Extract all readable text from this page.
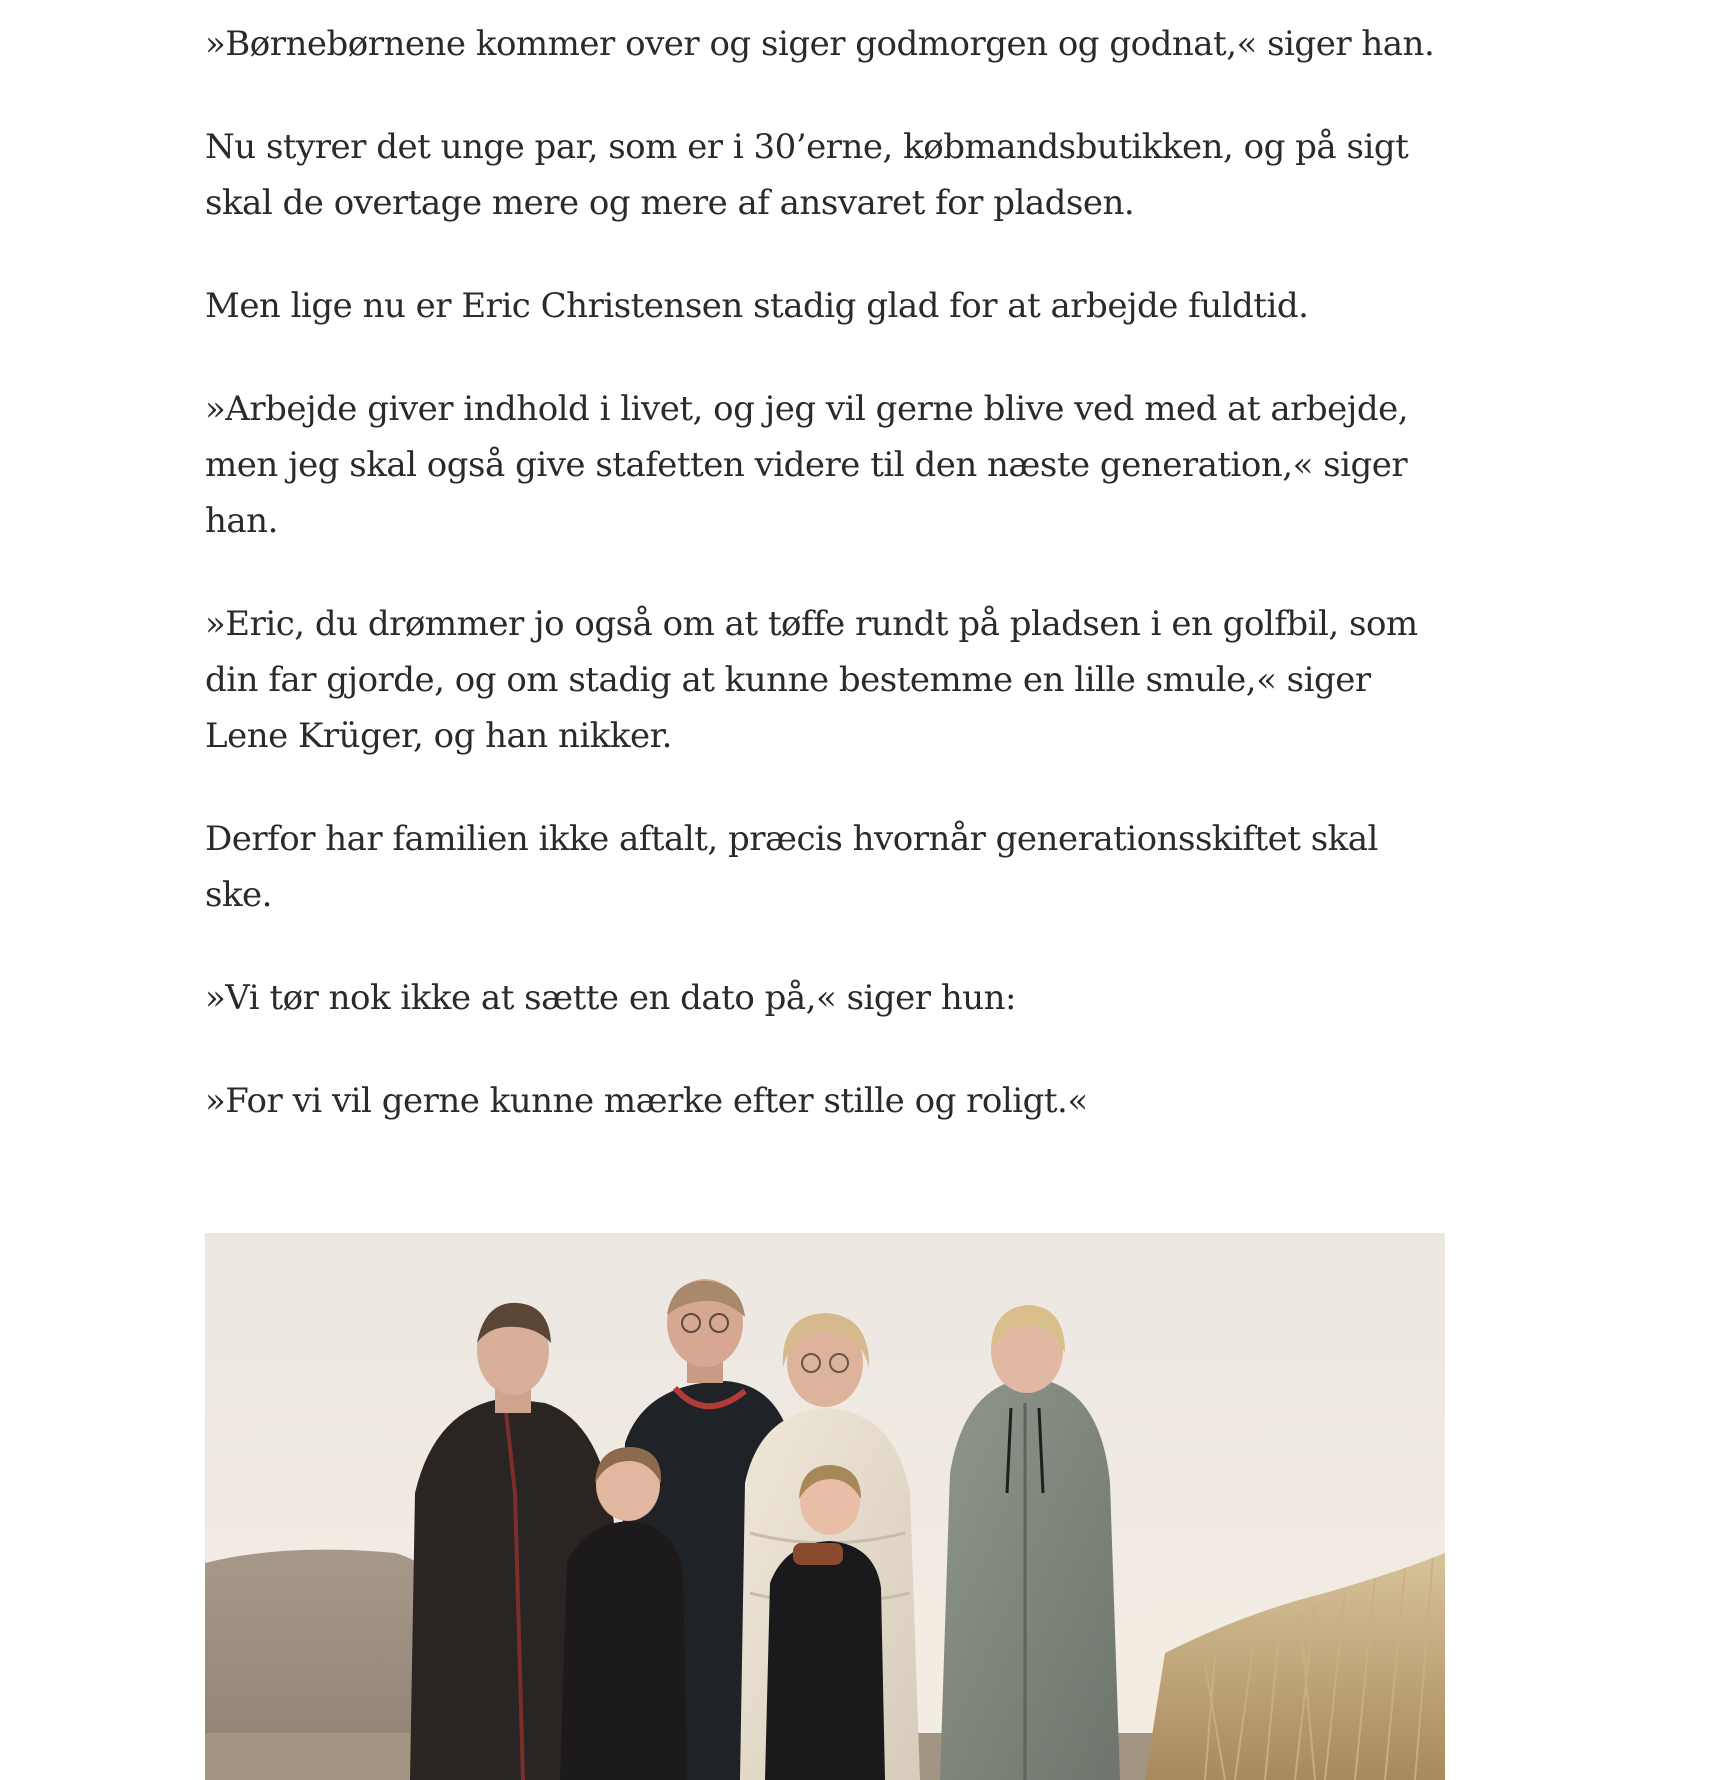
»Børnebørnene kommer over og siger godmorgen og godnat,« siger han.

Nu styrer det unge par, som er i 30’erne, købmandsbutikken, og på sigt skal de overtage mere og mere af ansvaret for pladsen.

Men lige nu er Eric Christensen stadig glad for at arbejde fuldtid.

»Arbejde giver indhold i livet, og jeg vil gerne blive ved med at arbejde, men jeg skal også give stafetten videre til den næste generation,« siger han.

»Eric, du drømmer jo også om at tøffe rundt på pladsen i en golfbil, som din far gjorde, og om stadig at kunne bestemme en lille smule,« siger Lene Krüger, og han nikker.

Derfor har familien ikke aftalt, præcis hvornår generationsskiftet skal ske.

»Vi tør nok ikke at sætte en dato på,« siger hun:

»For vi vil gerne kunne mærke efter stille og roligt.«
